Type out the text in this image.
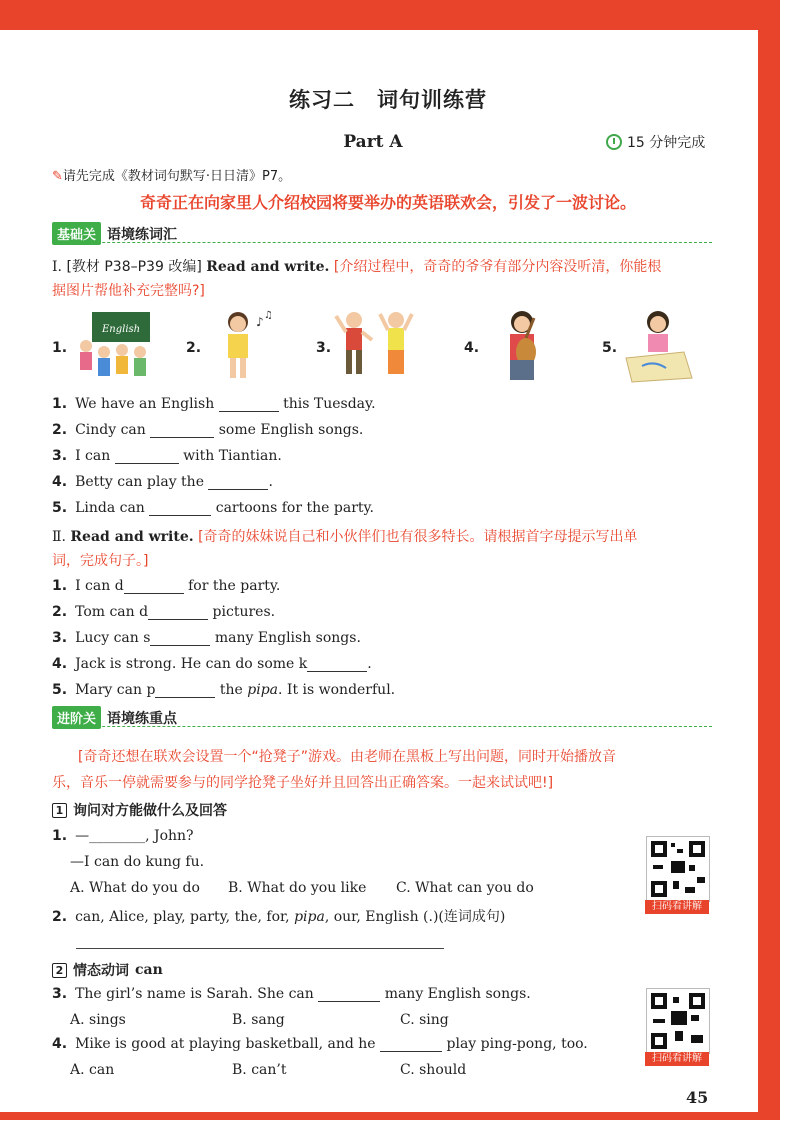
练习二　词句训练营
Part A	15 分钟完成
✎请先完成《教材词句默写·日日清》P7。
奇奇正在向家里人介绍校园将要举办的英语联欢会，引发了一波讨论。
基础关 语境练词汇
Ⅰ. [教材 P38–P39 改编] Read and write. [介绍过程中，奇奇的爷爷有部分内容没听清，你能根
据图片帮他补充完整吗?]
1.
English
2.
♪ ♫
3.	4.	5.
1. We have an English	this Tuesday.
2. Cindy can	some English songs.
3. I can	with Tiantian.
4. Betty can play the	.
5. Linda can	cartoons for the party.
Ⅱ. Read and write. [奇奇的妹妹说自己和小伙伴们也有很多特长。请根据首字母提示写出单
词，完成句子。]
1. I can d	for the party.
2. Tom can d	pictures.
3. Lucy can s	many English songs.
4. Jack is strong. He can do some k	.
5. Mary can p	the pipa. It is wonderful.
进阶关 语境练重点
[奇奇还想在联欢会设置一个“抢凳子”游戏。由老师在黑板上写出问题，同时开始播放音
乐，音乐一停就需要参与的同学抢凳子坐好并且回答出正确答案。一起来试试吧!]
1 询问对方能做什么及回答
1. —________, John?
—I can do kung fu.
A. What do you do B. What do you like C. What can you do
2. can, Alice, play, party, the, for, pipa, our, English (.)(连词成句)
扫码看讲解
2 情态动词 can
3. The girl’s name is Sarah. She can	many English songs.
A. sings	B. sang	C. sing
4. Mike is good at playing basketball, and he	play ping-pong, too.
A. can	B. can’t	C. should
扫码看讲解
45
